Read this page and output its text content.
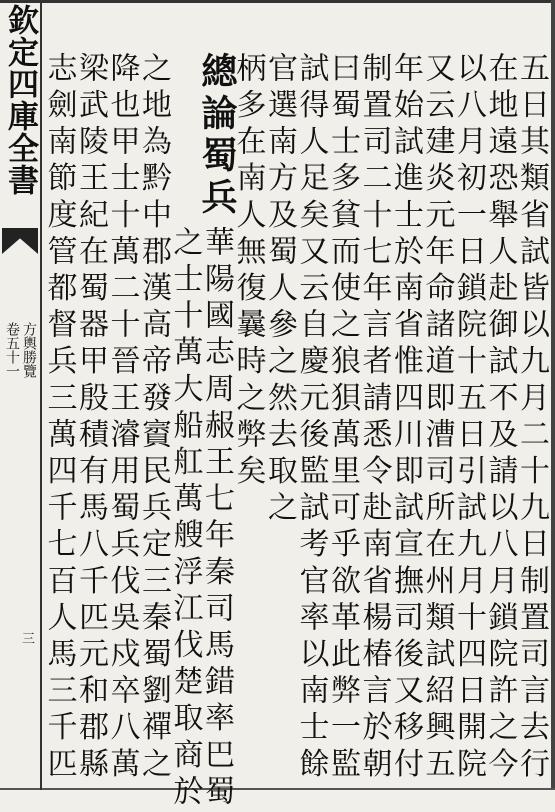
欽定四庫全書
方輿勝覽
卷五十一
三	五日其類省試皆以九月二十九日制置司言去行
在地遠恐舉人赴御試不及請以八月鎖院許之今
以八月初一日鎖院十五日引試九月十四日開院
又云建炎元年命諸道即漕司所在州類試紹興五
年始試進士於南省惟四川即試宣撫司後又移付
制置司二十七年言者請悉令赴南省楊椿言於朝
曰蜀士多貧而使之狼狽萬里可乎欲革此弊一監
試得人足矣又云自慶元後監試考官率以南士餘
官選南方及蜀人參之然去取之
柄多在南人無復曩時之弊矣
總論蜀兵
華陽國志周赧王七年秦司馬錯率巴蜀
之士十萬大船舡萬艘浮江伐楚取商於
之地為黔中郡漢高帝發賨民兵定三秦蜀劉禪之
降也甲士十萬二十晉王濬用蜀兵伐吳戍卒八萬
梁武陵王紀在蜀器甲殷積有馬八千匹元和郡縣
志劍南節度管都督兵三萬四千七百人馬三千匹
